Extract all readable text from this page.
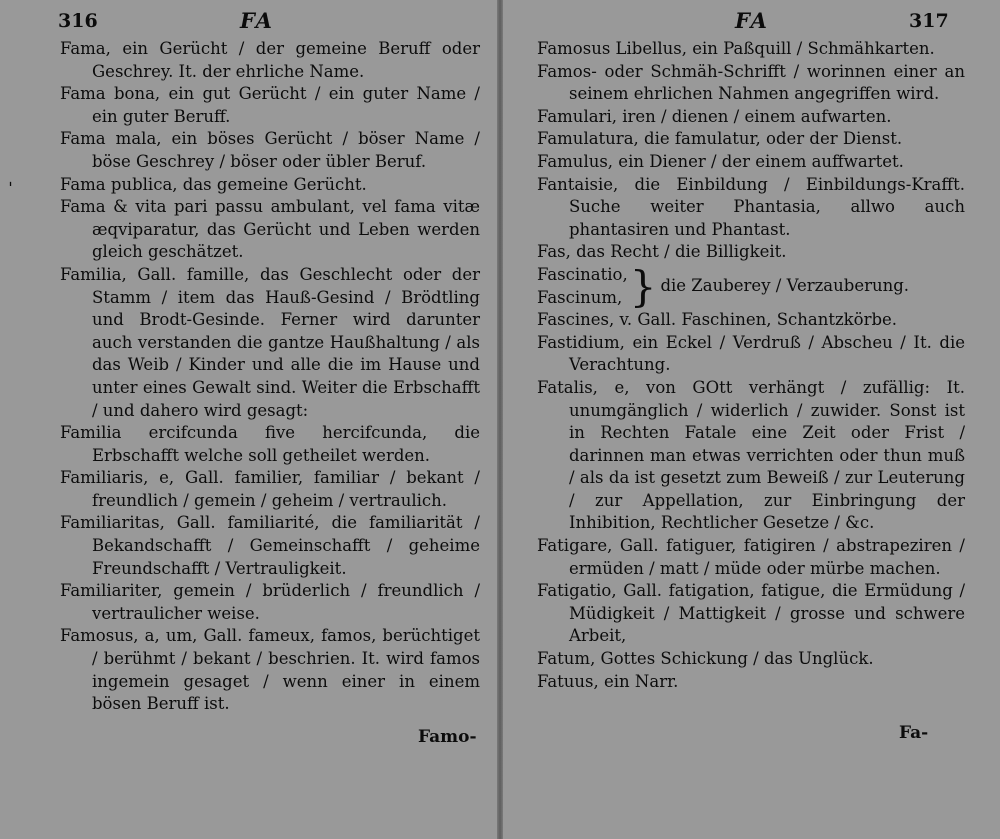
316	FA
ˌ

Fama, ein Gerücht / der gemeine Beruff oder Geschrey. It. der ehrliche Name.

Fama bona, ein gut Gerücht / ein guter Name / ein guter Beruff.

Fama mala, ein böses Gerücht / böser Name / böse Geschrey / böser oder übler Beruf.

Fama publica, das gemeine Gerücht.

Fama & vita pari passu ambulant, vel fama vitæ æqviparatur, das Gerücht und Leben werden gleich geschätzet.

Familia, Gall. famille, das Geschlecht oder der Stamm / item das Hauß-Gesind / Brödtling und Brodt-Gesinde. Ferner wird darunter auch verstanden die gantze Haußhaltung / als das Weib / Kinder und alle die im Hause und unter eines Gewalt sind. Weiter die Erbschafft / und dahero wird gesagt:

Familia ercifcunda five hercifcunda, die Erbschafft welche soll getheilet werden.

Familiaris, e, Gall. familier, familiar / bekant / freundlich / gemein / geheim / vertraulich.

Familiaritas, Gall. familiarité, die familiarität / Bekandschafft / Gemeinschafft / geheime Freundschafft / Vertrauligkeit.

Familiariter, gemein / brüderlich / freundlich / vertraulicher weise.

Famosus, a, um, Gall. fameux, famos, berüchtiget / berühmt / bekant / beschrien. It. wird famos ingemein gesaget / wenn einer in einem bösen Beruff ist.

Famo-
FA	317

Famosus Libellus, ein Paßquill / Schmähkarten.

Famos- oder Schmäh-Schrifft / worinnen einer an seinem ehrlichen Nahmen angegriffen wird.

Famulari, iren / dienen / einem aufwarten.

Famulatura, die famulatur, oder der Dienst.

Famulus, ein Diener / der einem auffwartet.

Fantaisie, die Einbildung / Einbildungs-Krafft. Suche weiter Phantasia, allwo auch phantasiren und Phantast.

Fas, das Recht / die Billigkeit.

Fascinatio,
Fascinum, } die Zauberey / Verzauberung.

Fascines, v. Gall. Faschinen, Schantzkörbe.

Fastidium, ein Eckel / Verdruß / Abscheu / It. die Verachtung.

Fatalis, e, von GOtt verhängt / zufällig: It. unumgänglich / widerlich / zuwider. Sonst ist in Rechten Fatale eine Zeit oder Frist / darinnen man etwas verrichten oder thun muß / als da ist gesetzt zum Beweiß / zur Leuterung / zur Appellation, zur Einbringung der Inhibition, Rechtlicher Gesetze / &c.

Fatigare, Gall. fatiguer, fatigiren / abstrapeziren / ermüden / matt / müde oder mürbe machen.

Fatigatio, Gall. fatigation, fatigue, die Ermüdung / Müdigkeit / Mattigkeit / grosse und schwere Arbeit,

Fatum, Gottes Schickung / das Unglück.

Fatuus, ein Narr.

Fa-
